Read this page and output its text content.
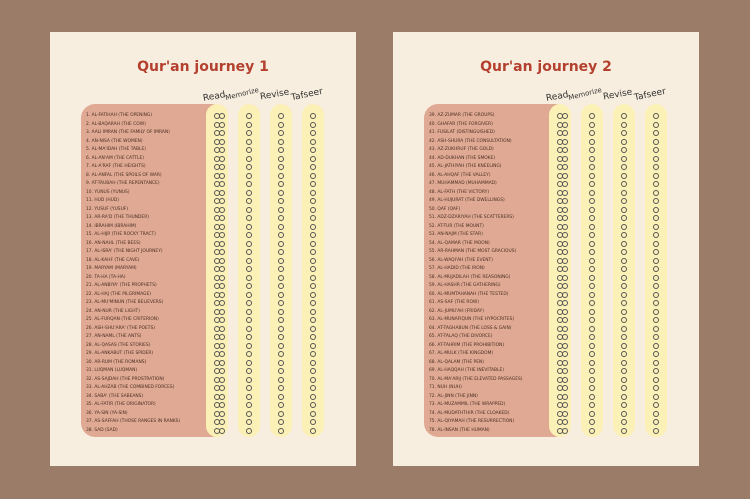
Qur'an journey 1
Read
Memorize Revise Tafseer
1. AL-FATIHAH (THE OPENING)
2. AL-BAQARAH (THE COW)
3. AALI IMRAN (THE FAMILY OF IMRAN)
4. AN-NISA (THE WOMEN)
5. AL-MA'IDAH (THE TABLE)
6. AL-AN'AM (THE CATTLE)
7. AL-A'RAF (THE HEIGHTS)
8. AL-ANFAL (THE SPOILS OF WAR)
9. AT-TAUBAH (THE REPENTANCE)
10. YUNUS (YUNUS)
11. HUD (HUD)
12. YUSUF (YUSUF)
13. AR-RA'D (THE THUNDER)
14. IBRAHIM (IBRAHIM)
15. AL-HIJR (THE ROCKY TRACT)
16. AN-NAHL (THE BEES)
17. AL-ISRA' (THE NIGHT JOURNEY)
18. AL-KAHF (THE CAVE)
19. MARYAM (MARYAM)
20. TA-HA (TA-HA)
21. AL-ANBIYA' (THE PROPHETS)
22. AL-HAJ (THE PILGRIMAGE)
23. AL-MU'MINUN (THE BELIEVERS)
24. AN-NUR (THE LIGHT)
25. AL-FURQAN (THE CRITERION)
26. ASH-SHU'ARA' (THE POETS)
27. AN-NAML (THE ANTS)
28. AL-QASAS (THE STORIES)
29. AL-ANKABUT (THE SPIDER)
30. AR-RUM (THE ROMANS)
31. LUQMAN (LUQMAN)
32. AS-SAJDAH (THE PROSTRATION)
33. AL-AHZAB (THE COMBINED FORCES)
34. SABA' (THE SABEANS)
35. AL-FATIR (THE ORIGINATOR)
36. YA-SIN (YA-SIN)
37. AS-SAFFAH (THOSE RANGES IN RANKS)
38. SAD (SAD)
Qur'an journey 2
Read
Memorize Revise Tafseer
39. AZ-ZUMAR (THE GROUPS)
40. GHAFAR (THE FORGIVER)
41. FUSILAT (DISTINGUISHED)
42. ASH-SHURA (THE CONSULTATION)
43. AZ-ZUKHRUF (THE GOLD)
44. AD-DUKHAN (THE SMOKE)
45. AL-JATHIYAH (THE KNEELING)
46. AL-AHQAF (THE VALLEY)
47. MUHAMMAD (MUHAMMAD)
48. AL-FATH (THE VICTORY)
49. AL-HUJURAT (THE DWELLINGS)
50. QAF (QAF)
51. ADZ-DZARIYAH (THE SCATTERERS)
52. AT-TUR (THE MOUNT)
53. AN-NAJM (THE STAR)
54. AL-QAMAR (THE MOON)
55. AR-RAHMAN (THE MOST GRACIOUS)
56. AL-WAQI'AH (THE EVENT)
57. AL-HADID (THE IRON)
58. AL-MUJADILAH (THE REASONING)
59. AL-HASHR (THE GATHERING)
60. AL-MUMTAHANAH (THE TESTED)
61. AS-SAF (THE ROW)
62. AL-JUMU'AH (FRIDAY)
63. AL-MUNAFIQUN (THE HYPOCRITES)
64. AT-TAGHABUN (THE LOSS & GAIN)
65. AT-TALAQ (THE DIVORCE)
66. AT-TAHRIM (THE PROHIBITION)
67. AL-MULK (THE KINGDOM)
68. AL-QALAM (THE PEN)
69. AL-HAQQAH (THE INEVITABLE)
70. AL-MA'ARIJ (THE ELEVATED PASSAGES)
71. NUH (NUH)
72. AL-JINN (THE JINN)
73. AL-MUZAMMIL (THE WRAPPED)
74. AL-MUDATHTHIR (THE CLOAKED)
75. AL-QIYAMAH (THE RESURRECTION)
76. AL-INSAN (THE HUMAN)
